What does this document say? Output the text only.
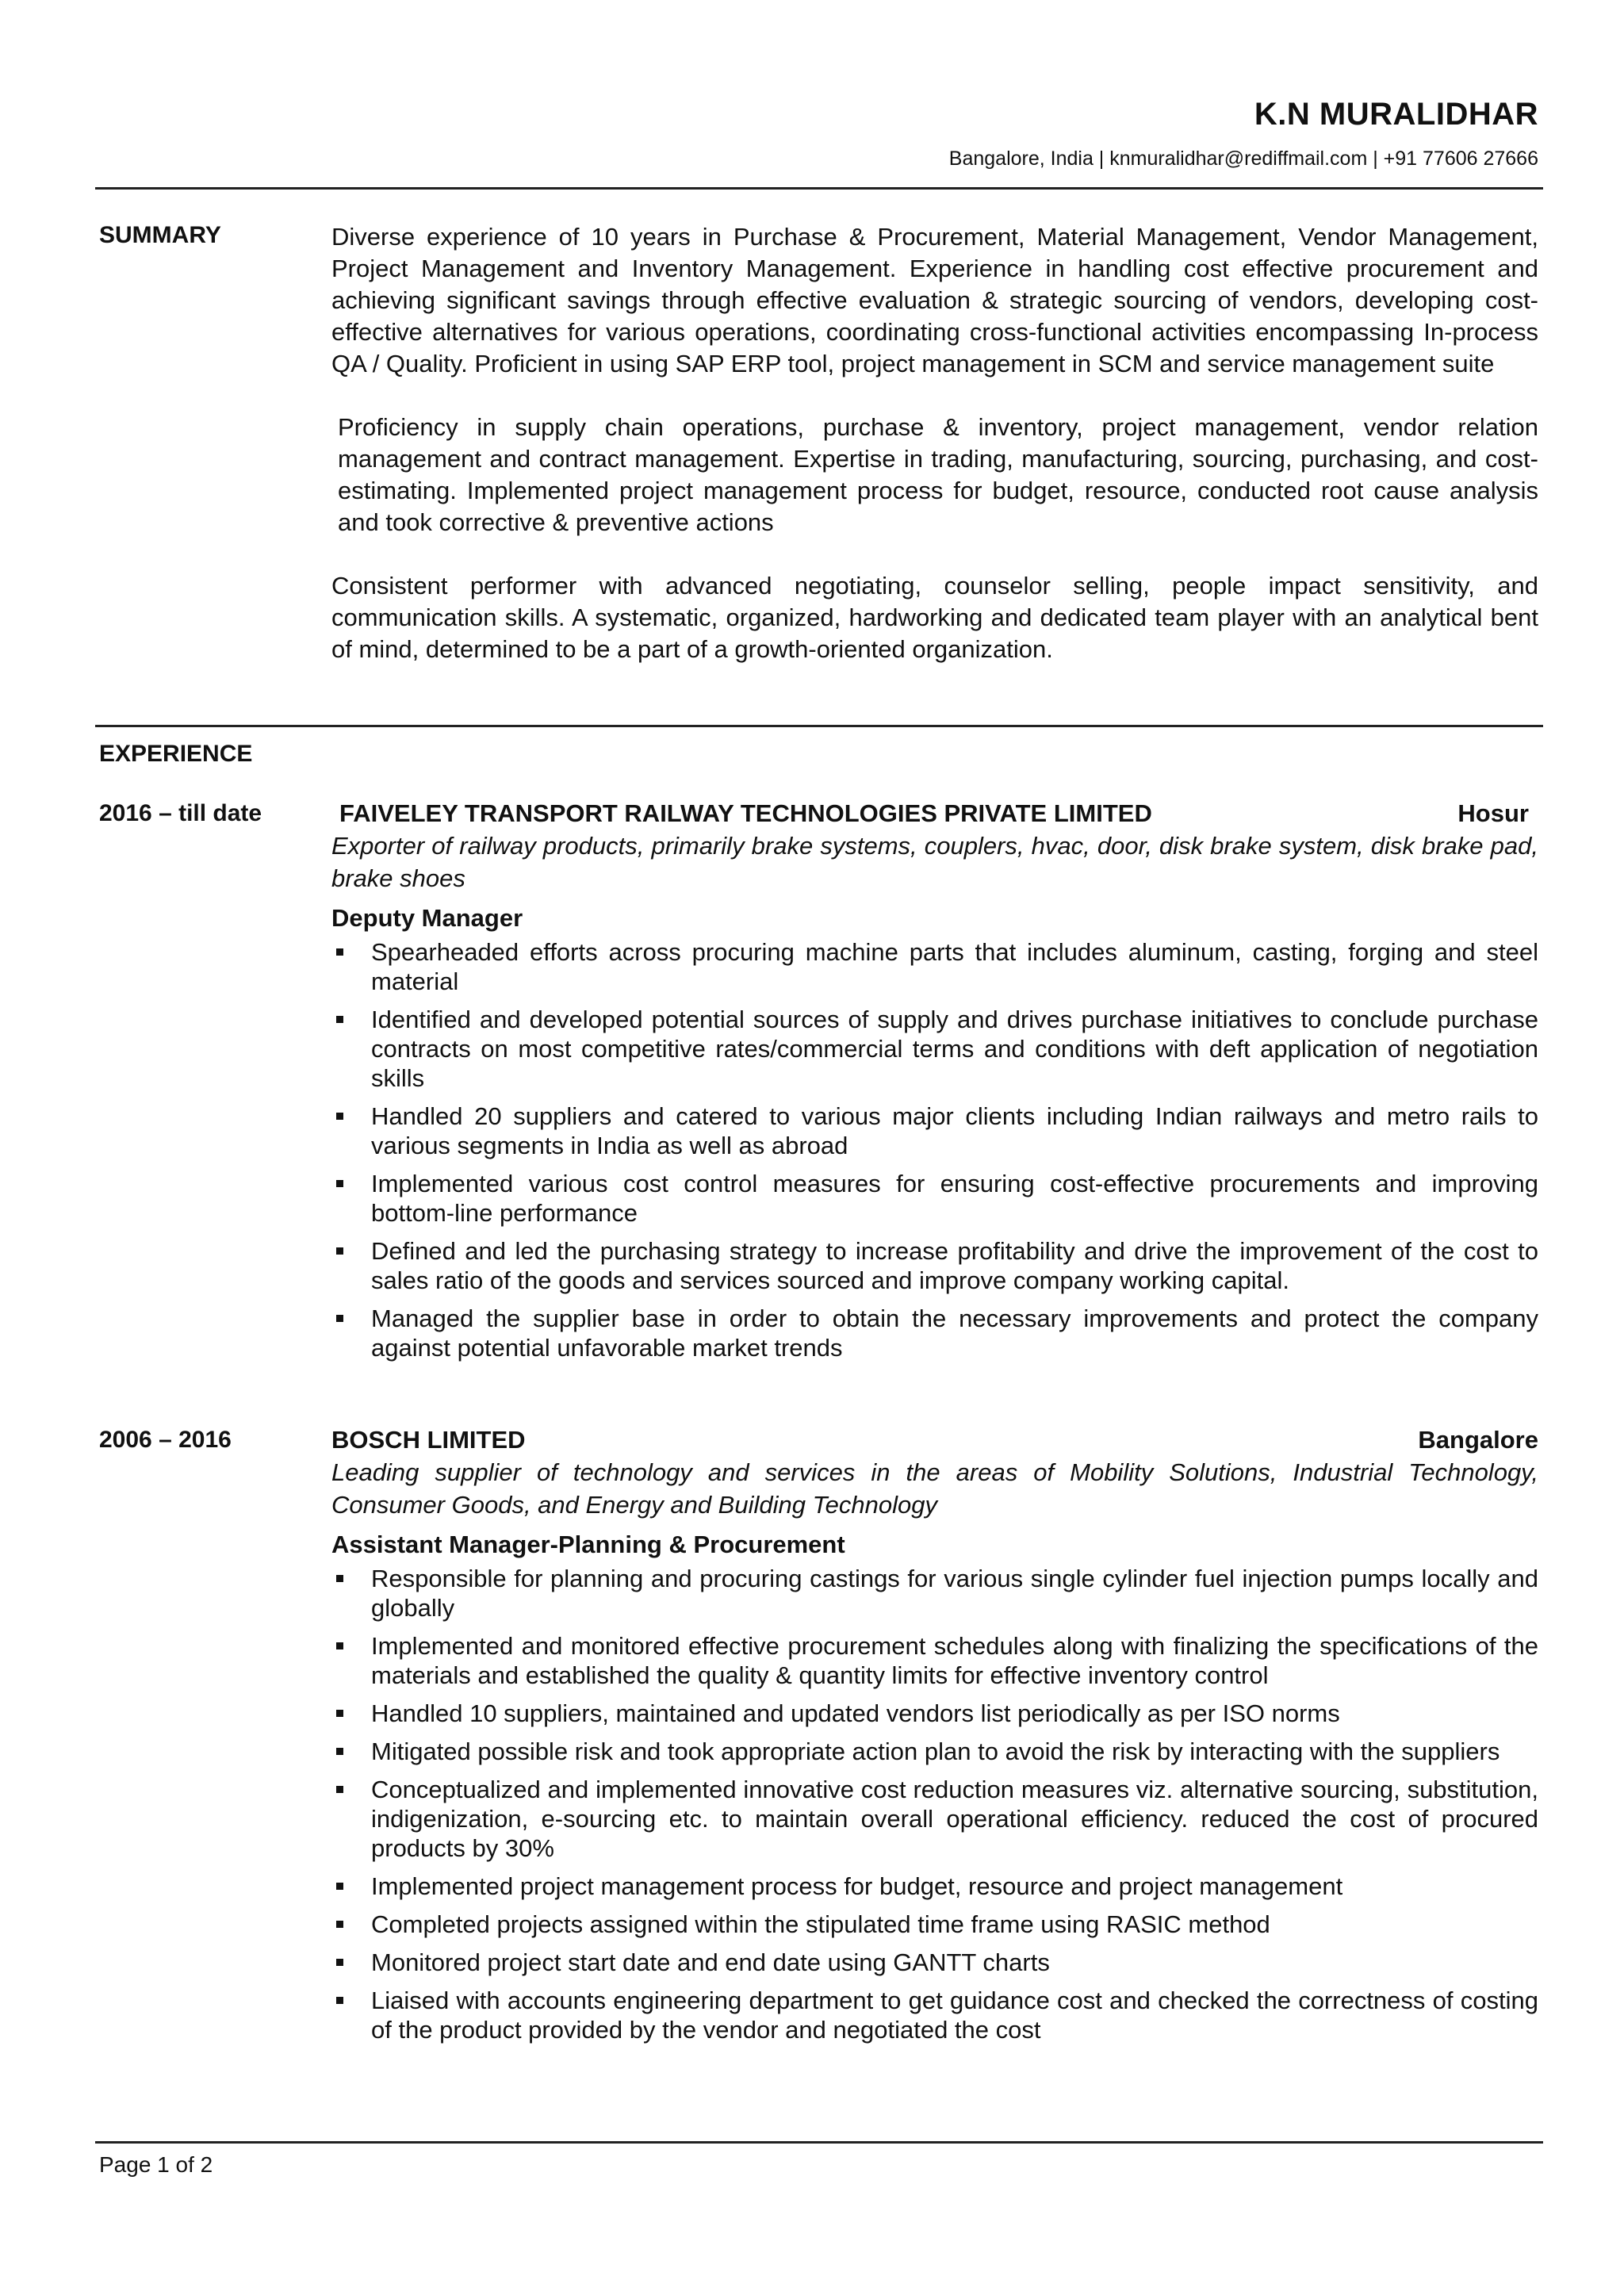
K.N MURALIDHAR
Bangalore, India | knmuralidhar@rediffmail.com | +91 77606 27666
SUMMARY	Diverse experience of 10 years in Purchase & Procurement, Material Management, Vendor Management, Project Management and Inventory Management. Experience in handling cost effective procurement and achieving significant savings through effective evaluation & strategic sourcing of vendors, developing cost-effective alternatives for various operations, coordinating cross-functional activities encompassing In-process QA / Quality. Proficient in using SAP ERP tool, project management in SCM and service management suite

Proficiency in supply chain operations, purchase & inventory, project management, vendor relation management and contract management. Expertise in trading, manufacturing, sourcing, purchasing, and cost-estimating. Implemented project management process for budget, resource, conducted root cause analysis and took corrective & preventive actions

Consistent performer with advanced negotiating, counselor selling, people impact sensitivity, and communication skills. A systematic, organized, hardworking and dedicated team player with an analytical bent of mind, determined to be a part of a growth-oriented organization.

EXPERIENCE
2016 – till date	FAIVELEY TRANSPORT RAILWAY TECHNOLOGIES PRIVATE LIMITED	Hosur

Exporter of railway products, primarily brake systems, couplers, hvac, door, disk brake system, disk brake pad, brake shoes

Deputy Manager
Spearheaded efforts across procuring machine parts that includes aluminum, casting, forging and steel material
Identified and developed potential sources of supply and drives purchase initiatives to conclude purchase contracts on most competitive rates/commercial terms and conditions with deft application of negotiation skills
Handled 20 suppliers and catered to various major clients including Indian railways and metro rails to various segments in India as well as abroad
Implemented various cost control measures for ensuring cost-effective procurements and improving bottom-line performance
Defined and led the purchasing strategy to increase profitability and drive the improvement of the cost to sales ratio of the goods and services sourced and improve company working capital.
Managed the supplier base in order to obtain the necessary improvements and protect the company against potential unfavorable market trends
2006 – 2016	BOSCH LIMITED	Bangalore

Leading supplier of technology and services in the areas of Mobility Solutions, Industrial Technology, Consumer Goods, and Energy and Building Technology

Assistant Manager-Planning & Procurement
Responsible for planning and procuring castings for various single cylinder fuel injection pumps locally and globally
Implemented and monitored effective procurement schedules along with finalizing the specifications of the materials and established the quality & quantity limits for effective inventory control
Handled 10 suppliers, maintained and updated vendors list periodically as per ISO norms
Mitigated possible risk and took appropriate action plan to avoid the risk by interacting with the suppliers
Conceptualized and implemented innovative cost reduction measures viz. alternative sourcing, substitution, indigenization, e-sourcing etc. to maintain overall operational efficiency. reduced the cost of procured products by 30%
Implemented project management process for budget, resource and project management
Completed projects assigned within the stipulated time frame using RASIC method
Monitored project start date and end date using GANTT charts
Liaised with accounts engineering department to get guidance cost and checked the correctness of costing of the product provided by the vendor and negotiated the cost
Page 1 of 2
